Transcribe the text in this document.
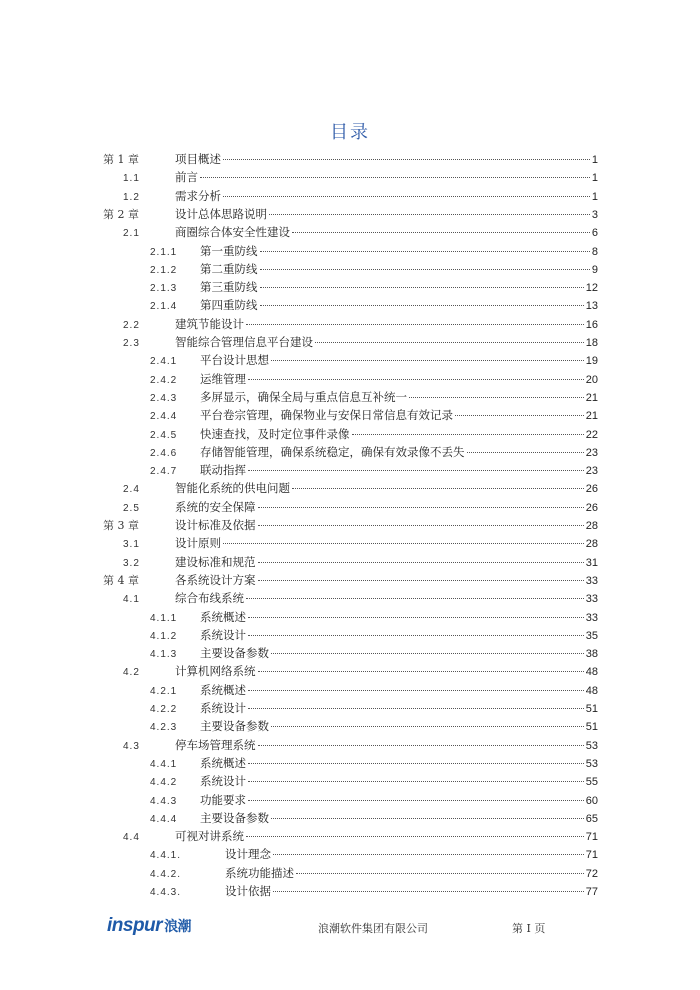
目录
第 1 章	项目概述	1
1.1	前言	1
1.2	需求分析	1
第 2 章	设计总体思路说明	3
2.1	商圈综合体安全性建设	6
2.1.1	第一重防线	8
2.1.2	第二重防线	9
2.1.3	第三重防线	12
2.1.4	第四重防线	13
2.2	建筑节能设计	16
2.3	智能综合管理信息平台建设	18
2.4.1	平台设计思想	19
2.4.2	运维管理	20
2.4.3	多屏显示，确保全局与重点信息互补统一	21
2.4.4	平台卷宗管理，确保物业与安保日常信息有效记录	21
2.4.5	快速查找，及时定位事件录像	22
2.4.6	存储智能管理，确保系统稳定，确保有效录像不丢失	23
2.4.7	联动指挥	23
2.4	智能化系统的供电问题	26
2.5	系统的安全保障	26
第 3 章	设计标准及依据	28
3.1	设计原则	28
3.2	建设标准和规范	31
第 4 章	各系统设计方案	33
4.1	综合布线系统	33
4.1.1	系统概述	33
4.1.2	系统设计	35
4.1.3	主要设备参数	38
4.2	计算机网络系统	48
4.2.1	系统概述	48
4.2.2	系统设计	51
4.2.3	主要设备参数	51
4.3	停车场管理系统	53
4.4.1	系统概述	53
4.4.2	系统设计	55
4.4.3	功能要求	60
4.4.4	主要设备参数	65
4.4	可视对讲系统	71
4.4.1.	设计理念	71
4.4.2.	系统功能描述	72
4.4.3.	设计依据	77
inspur 浪潮	浪潮软件集团有限公司	第 I 页
